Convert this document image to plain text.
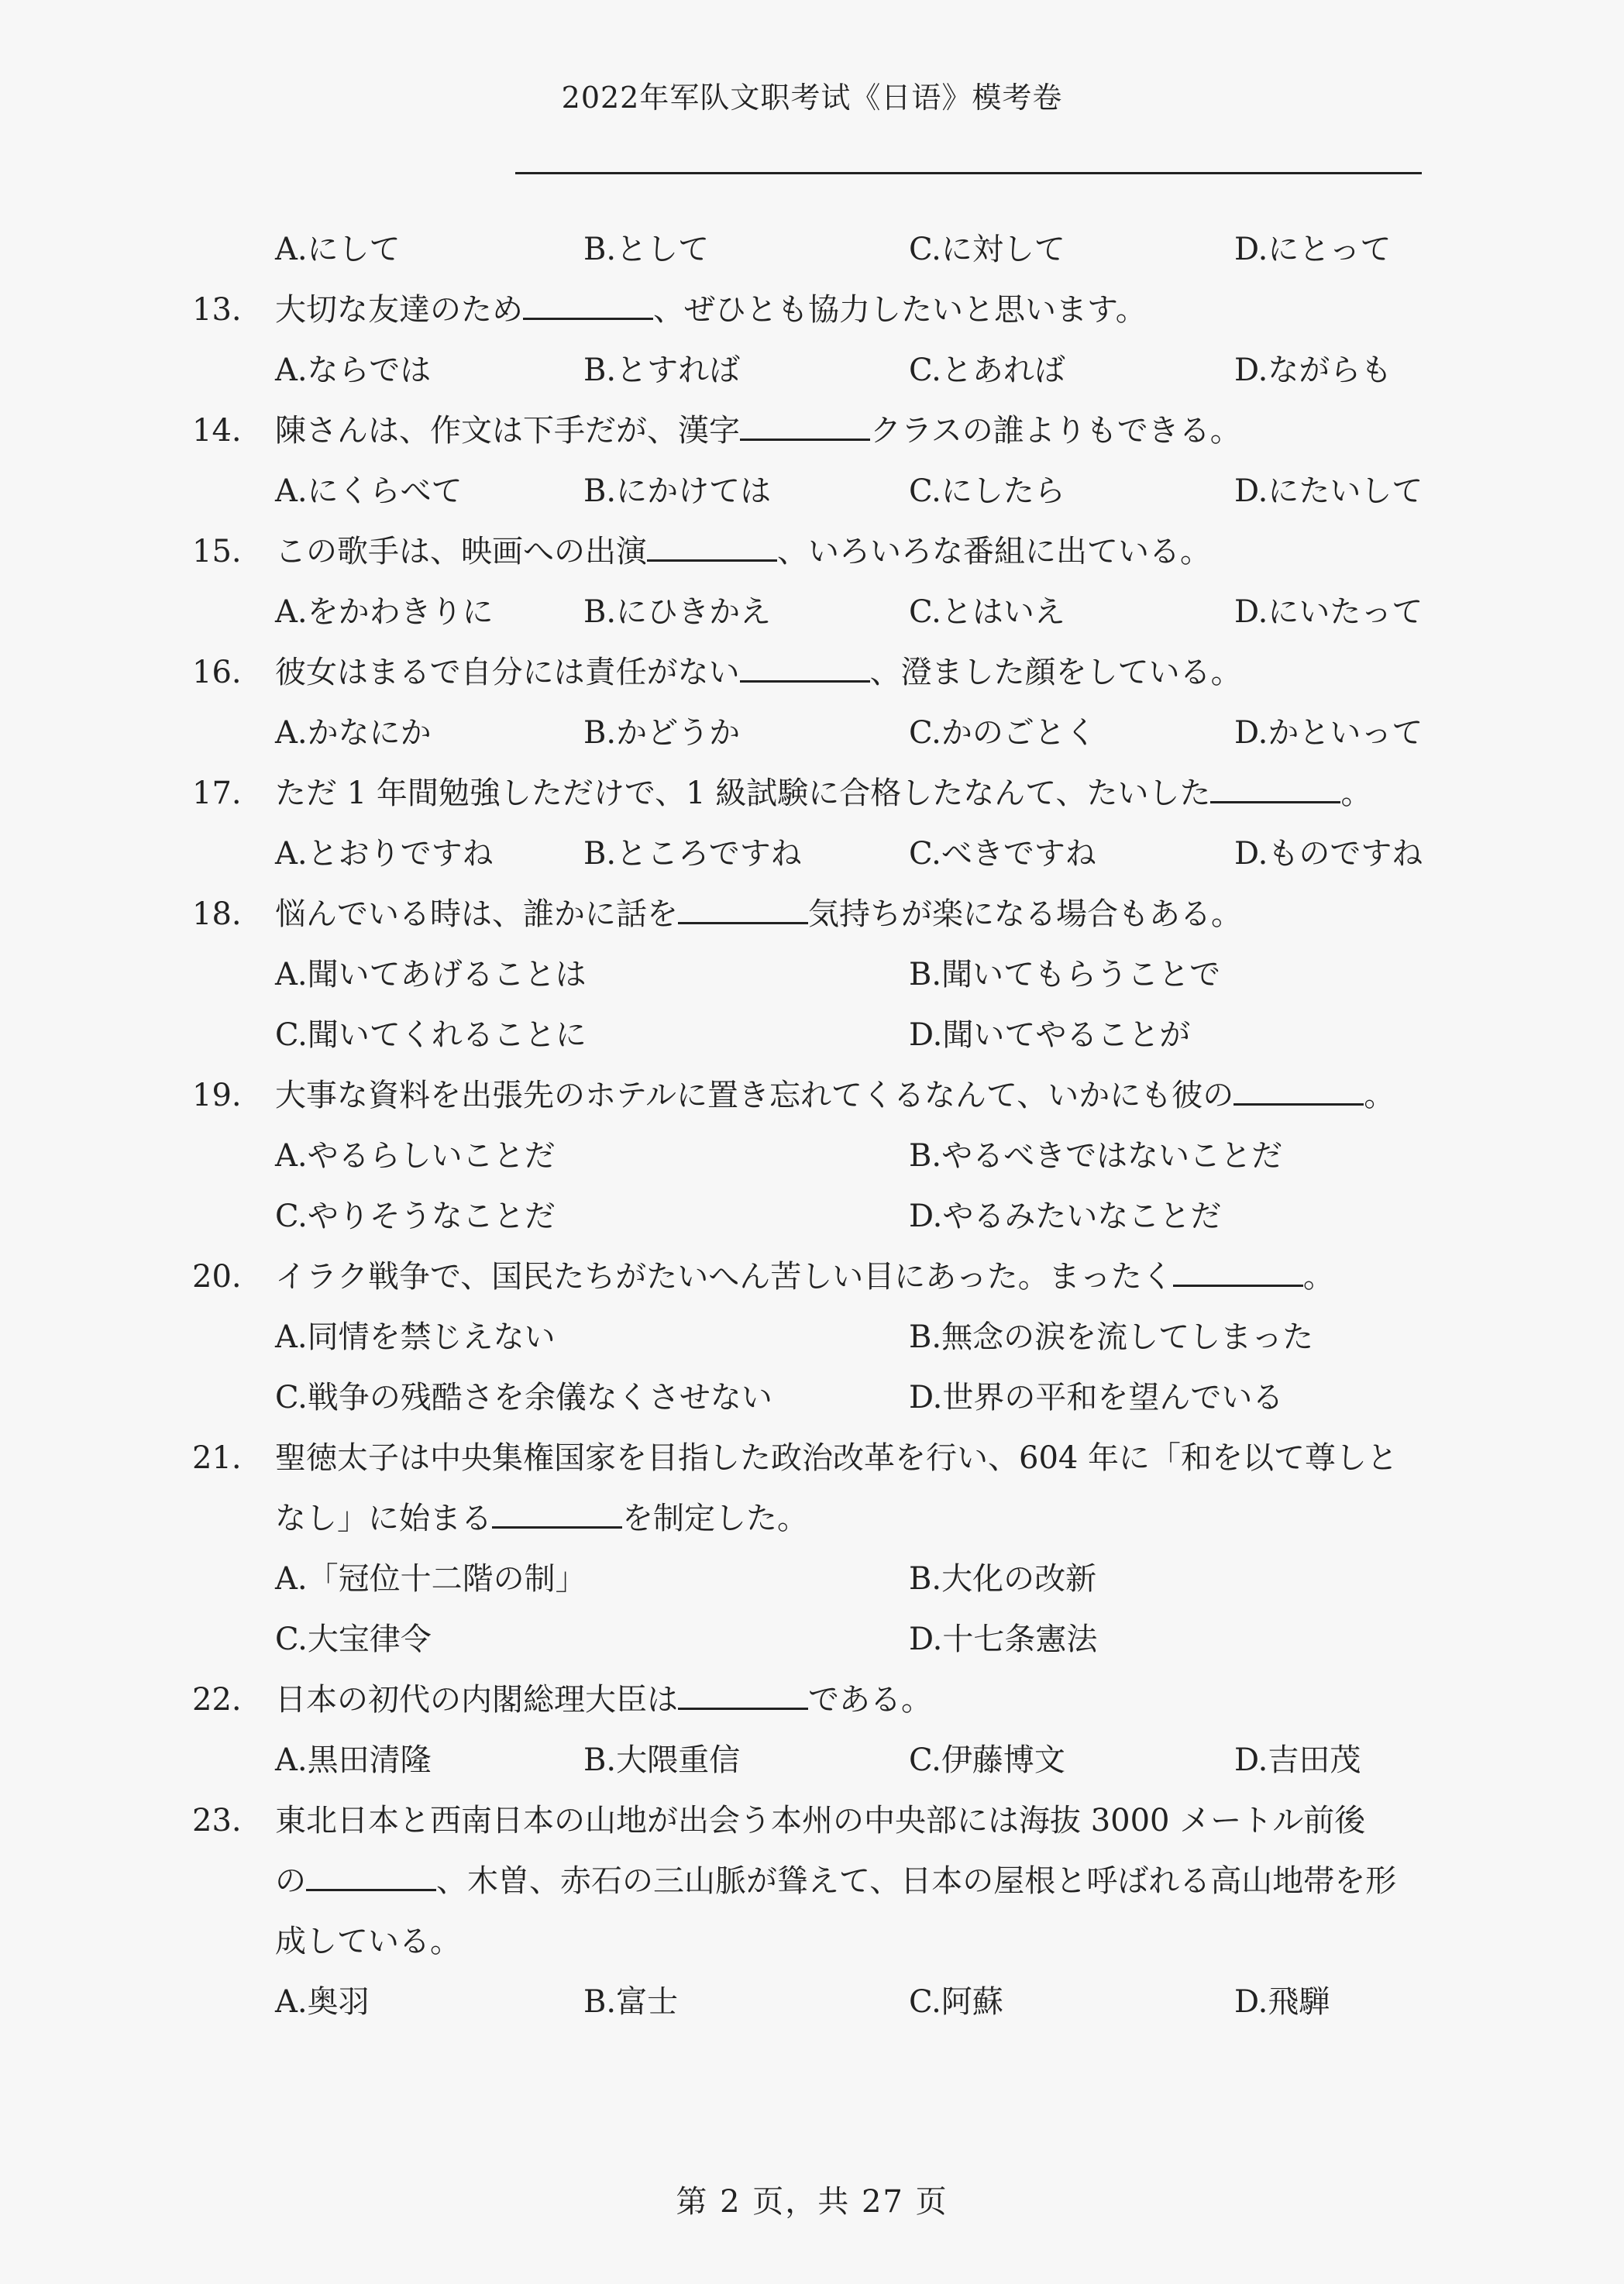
2022年军队文职考试《日语》模考卷
A.にして	B.として	C.に対して	D.にとって
13. 大切な友達のため	、ぜひとも協力したいと思います。
A.ならでは	B.とすれば	C.とあれば	D.ながらも
14. 陳さんは、作文は下手だが、漢字	クラスの誰よりもできる。
A.にくらべて	B.にかけては	C.にしたら	D.にたいして
15. この歌手は、映画への出演	、いろいろな番組に出ている。
A.をかわきりに	B.にひきかえ	C.とはいえ	D.にいたって
16. 彼女はまるで自分には責任がない	、澄ました顔をしている。
A.かなにか	B.かどうか	C.かのごとく	D.かといって
17. ただ 1 年間勉強しただけで、1 級試験に合格したなんて、たいした	。
A.とおりですね	B.ところですね	C.べきですね	D.ものですね
18. 悩んでいる時は、誰かに話を	気持ちが楽になる場合もある。
A.聞いてあげることは	B.聞いてもらうことで
C.聞いてくれることに	D.聞いてやることが
19. 大事な資料を出張先のホテルに置き忘れてくるなんて、いかにも彼の	。
A.やるらしいことだ	B.やるべきではないことだ
C.やりそうなことだ	D.やるみたいなことだ
20. イラク戦争で、国民たちがたいへん苦しい目にあった。まったく	。
A.同情を禁じえない	B.無念の涙を流してしまった
C.戦争の残酷さを余儀なくさせない	D.世界の平和を望んでいる
21. 聖徳太子は中央集権国家を目指した政治改革を行い、604 年に「和を以て尊しと
なし」に始まる	を制定した。
A.「冠位十二階の制」	B.大化の改新
C.大宝律令	D.十七条憲法
22. 日本の初代の内閣総理大臣は	である。
A.黒田清隆	B.大隈重信	C.伊藤博文	D.吉田茂
23. 東北日本と西南日本の山地が出会う本州の中央部には海抜 3000 メートル前後
の	、木曽、赤石の三山脈が聳えて、日本の屋根と呼ばれる高山地帯を形
成している。
A.奥羽	B.富士	C.阿蘇	D.飛騨
第 2 页，共 27 页
